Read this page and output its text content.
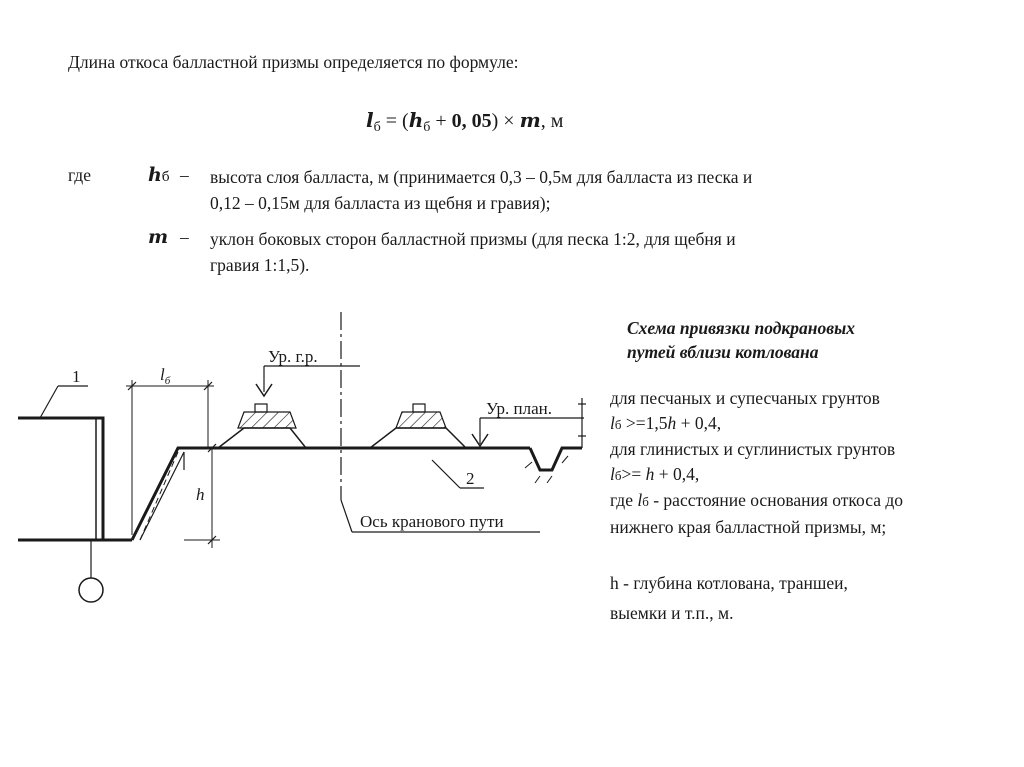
Длина откоса балластной призмы определяется по формуле:
$l_б = (h_б + 0$, 05) × m, м
где	hб – высота слоя балласта, м (принимается 0,3 – 0,5м для балласта из песка и
0,12 – 0,15м для балласта из щебня и гравия);
m – уклон боковых сторон балластной призмы (для песка 1:2, для щебня и
гравия 1:1,5).
Схема привязки подкрановых
путей вблизи котлована

для песчаных и супесчаных грунтов

lб >=1,5h + 0,4,

для глинистых и суглинистых грунтов

lб>= h + 0,4,

где lб - расстояние основания откоса до

нижнего края балластной призмы, м;

h - глубина котлована, траншеи,

выемки и т.п., м.

1	$l_б$
h
2
Ось кранового пути
Ур. г.р.
Ур. план.
